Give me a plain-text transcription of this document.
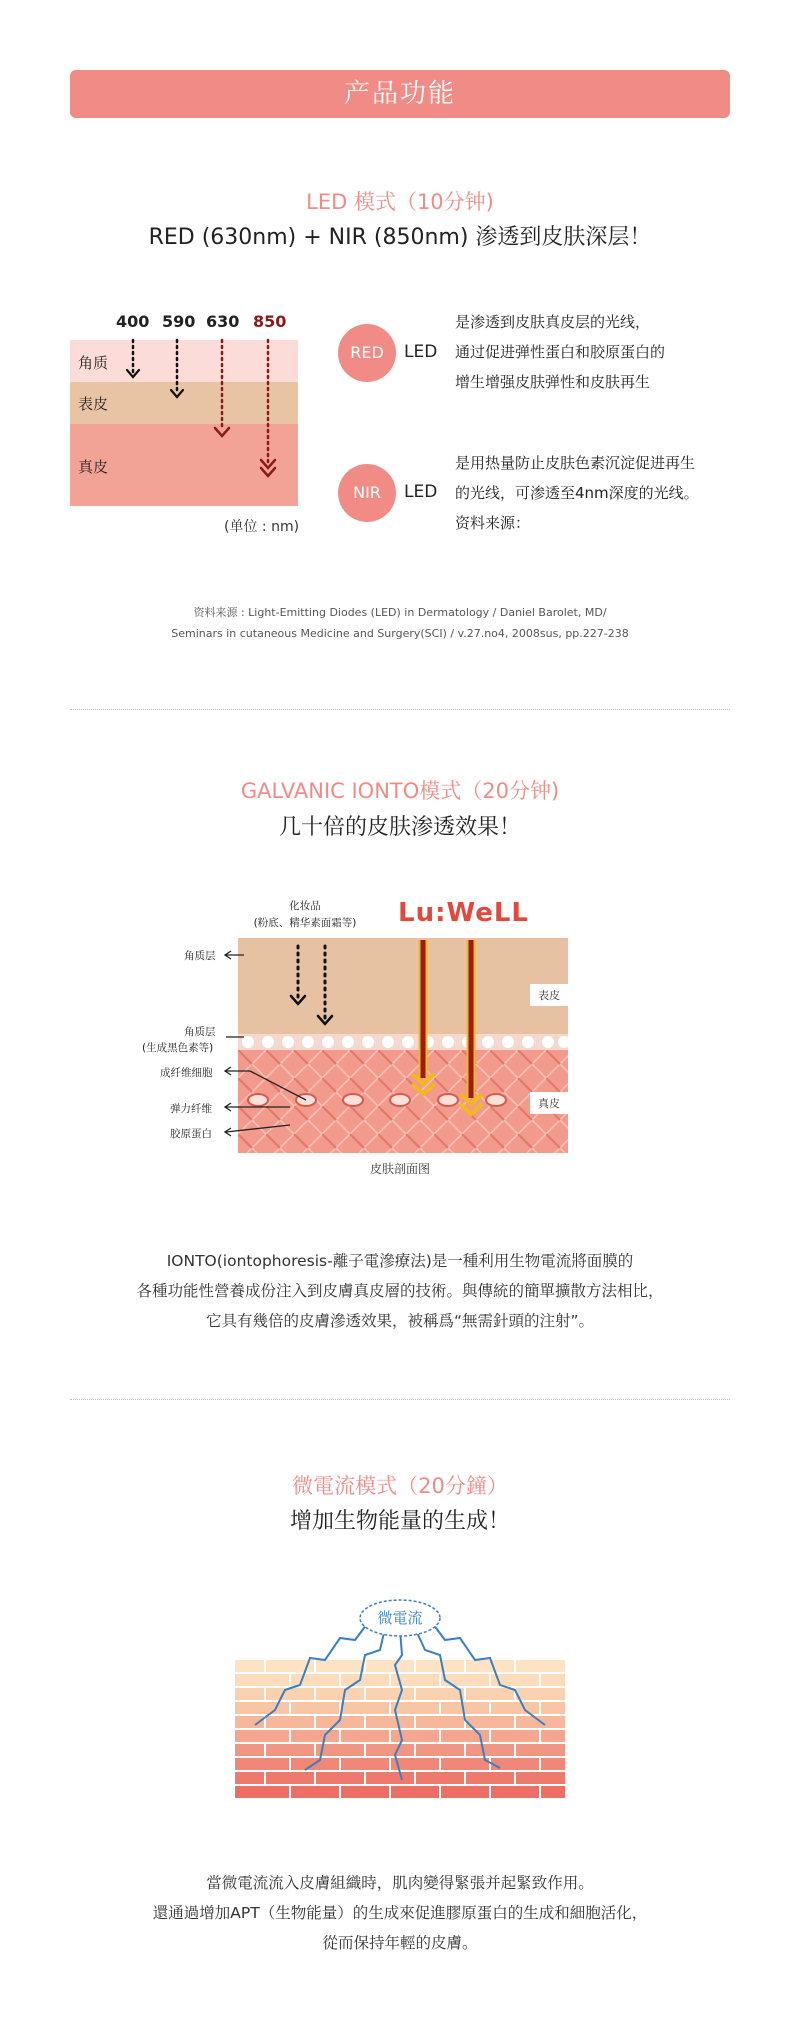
产品功能
LED 模式（10分钟)
RED (630nm) + NIR (850nm) 渗透到皮肤深层！
角质
表皮
真皮
400 590 630 850
(单位 : nm)
RED	LED
是渗透到皮肤真皮层的光线，
通过促进弹性蛋白和胶原蛋白的
增生增强皮肤弹性和皮肤再生
NIR	LED
是用热量防止皮肤色素沉淀促进再生
的光线，可渗透至4nm深度的光线。
资料来源：
资料来源 : Light-Emitting Diodes (LED) in Dermatology / Daniel Barolet, MD/
Seminars in cutaneous Medicine and Surgery(SCI) / v.27.no4, 2008sus, pp.227-238
GALVANIC IONTO模式（20分钟)
几十倍的皮肤渗透效果！
化妆品
(粉底、精华素面霜等) Lu:WeLL
表皮
真皮
角质层
角质层
(生成黑色素等)
成纤维细胞
弹力纤维
胶原蛋白
皮肤剖面图
IONTO(iontophoresis-離子電滲療法)是一種利用生物電流將面膜的
各種功能性營養成份注入到皮膚真皮層的技術。與傳統的簡單擴散方法相比，
它具有幾倍的皮膚滲透效果，被稱爲“無需針頭的注射”。
微電流模式（20分鐘）
增加生物能量的生成！
微電流
當微電流流入皮膚組織時，肌肉變得緊張并起緊致作用。
還通過增加APT（生物能量）的生成來促進膠原蛋白的生成和細胞活化，
從而保持年輕的皮膚。
